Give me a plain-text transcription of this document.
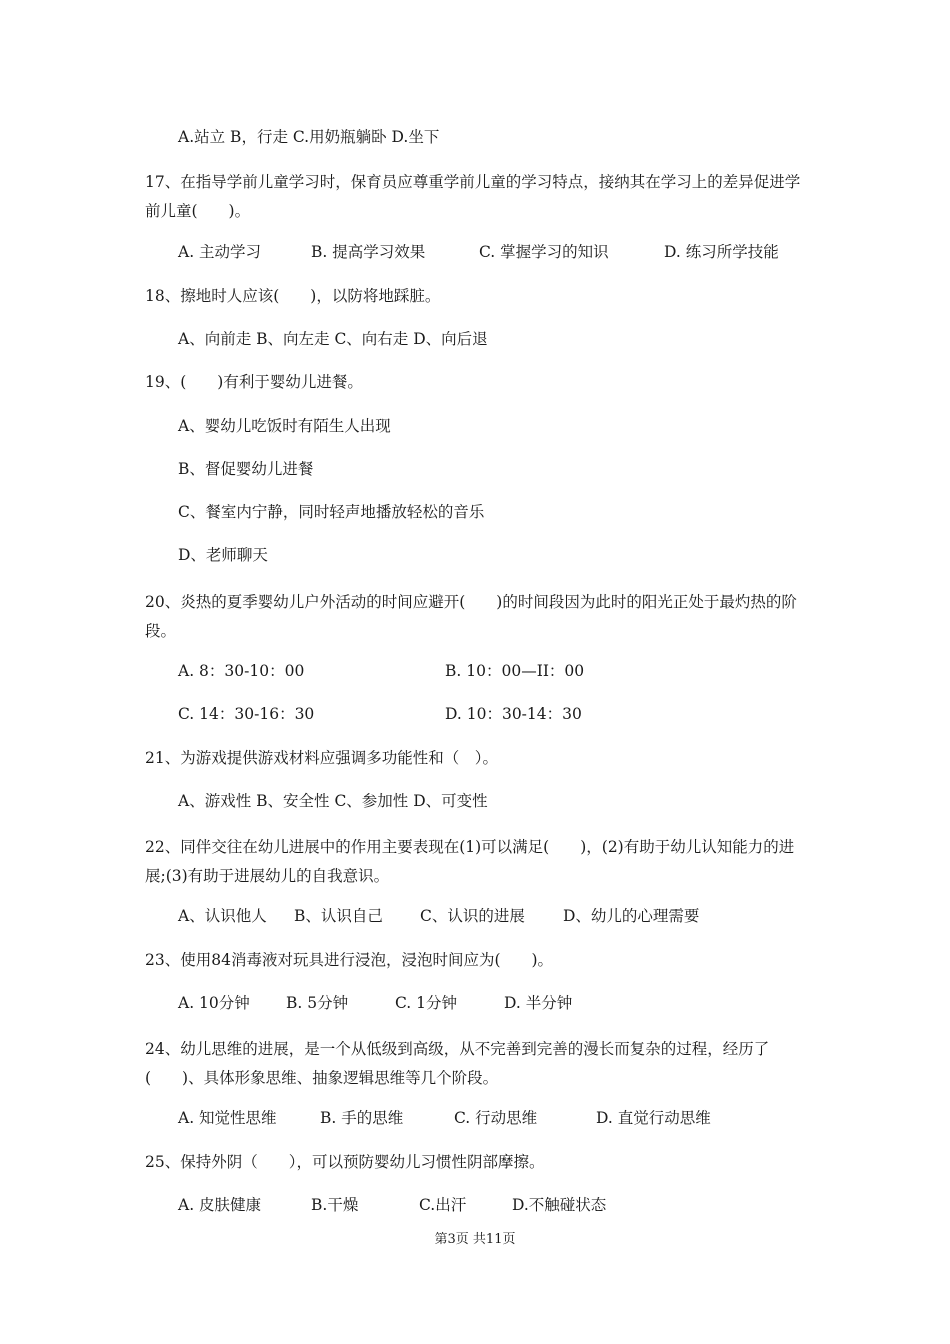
A.站立 B，行走 C.用奶瓶躺卧 D.坐下
17、在指导学前儿童学习时，保育员应尊重学前儿童的学习特点，接纳其在学习上的差异促进学前儿童(　　)。
A. 主动学习	B. 提高学习效果	C. 掌握学习的知识	D. 练习所学技能
18、擦地时人应该(　　)，以防将地踩脏。
A、向前走 B、向左走 C、向右走 D、向后退
19、(　　)有利于婴幼儿进餐。
A、婴幼儿吃饭时有陌生人出现
B、督促婴幼儿进餐
C、餐室内宁静，同时轻声地播放轻松的音乐
D、老师聊天
20、炎热的夏季婴幼儿户外活动的时间应避开(　　)的时间段因为此时的阳光正处于最灼热的阶段。
A. 8：30-10：00	B. 10：00—II：00
C. 14：30-16：30	D. 10：30-14：30
21、为游戏提供游戏材料应强调多功能性和（　）。
A、游戏性 B、安全性 C、参加性 D、可变性
22、同伴交往在幼儿进展中的作用主要表现在(1)可以满足(　　)，(2)有助于幼儿认知能力的进展;(3)有助于进展幼儿的自我意识。
A、认识他人 B、认识自己 C、认识的进展 D、幼儿的心理需要
23、使用84消毒液对玩具进行浸泡，浸泡时间应为(　　)。
A. 10分钟 B. 5分钟	C. 1分钟	D. 半分钟
24、幼儿思维的进展，是一个从低级到高级，从不完善到完善的漫长而复杂的过程，经历了(　　)、具体形象思维、抽象逻辑思维等几个阶段。
A. 知觉性思维	B. 手的思维	C. 行动思维	D. 直觉行动思维
25、保持外阴（　　），可以预防婴幼儿习惯性阴部摩擦。
A. 皮肤健康	B.干燥	C.出汗	D.不触碰状态
第3页 共11页
